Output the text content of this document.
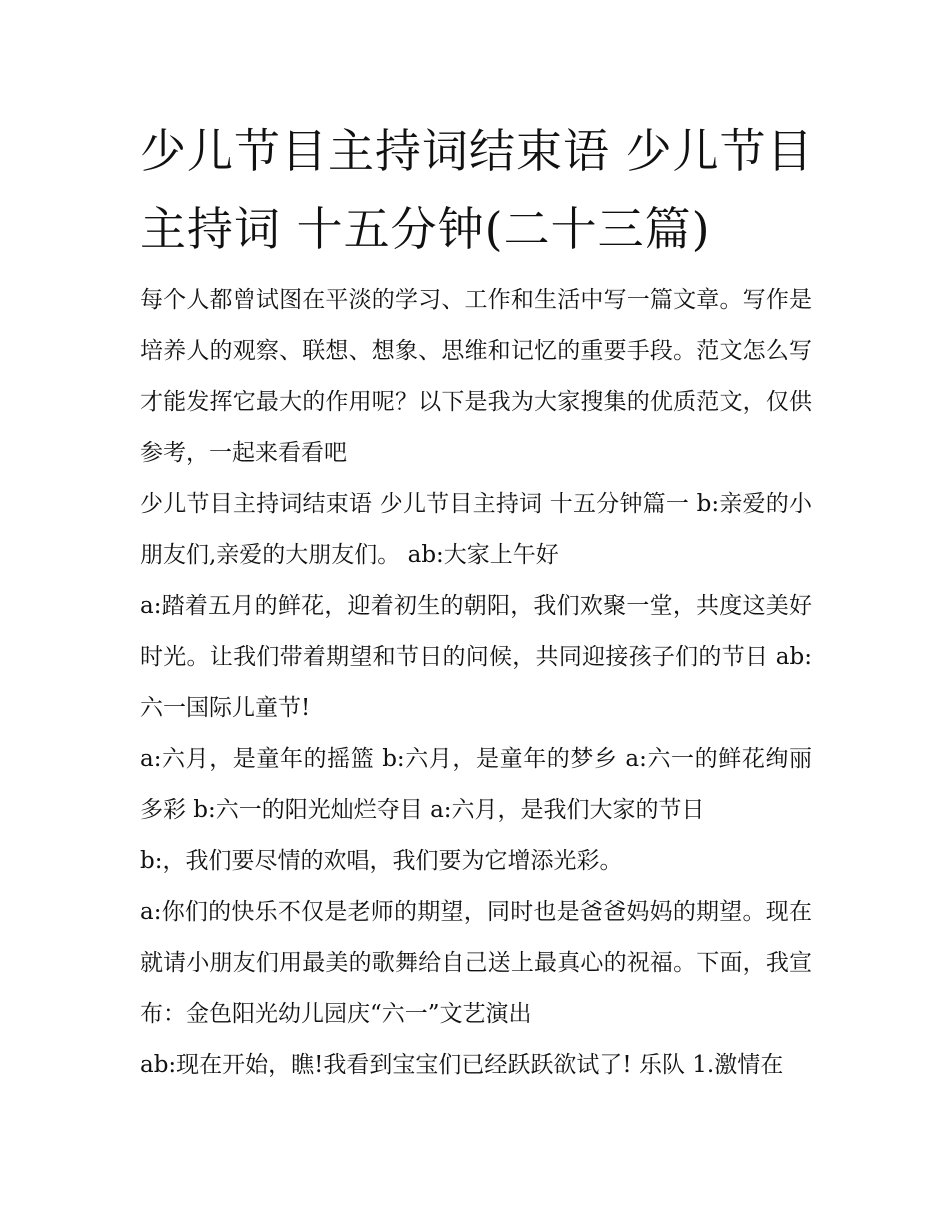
少儿节目主持词结束语 少儿节目主持词 十五分钟(二十三篇)

每个人都曾试图在平淡的学习、工作和生活中写一篇文章。写作是培养人的观察、联想、想象、思维和记忆的重要手段。范文怎么写才能发挥它最大的作用呢？以下是我为大家搜集的优质范文，仅供参考，一起来看看吧

少儿节目主持词结束语 少儿节目主持词 十五分钟篇一 b:亲爱的小朋友们,亲爱的大朋友们。 ab:大家上午好

a:踏着五月的鲜花，迎着初生的朝阳，我们欢聚一堂，共度这美好时光。让我们带着期望和节日的问候，共同迎接孩子们的节日 ab:六一国际儿童节!

a:六月，是童年的摇篮 b:六月，是童年的梦乡 a:六一的鲜花绚丽多彩 b:六一的阳光灿烂夺目 a:六月，是我们大家的节日

b:，我们要尽情的欢唱，我们要为它增添光彩。

a:你们的快乐不仅是老师的期望，同时也是爸爸妈妈的期望。现在就请小朋友们用最美的歌舞给自己送上最真心的祝福。下面，我宣布：金色阳光幼儿园庆“六一”文艺演出

ab:现在开始，瞧!我看到宝宝们已经跃跃欲试了! 乐队 1.激情在
